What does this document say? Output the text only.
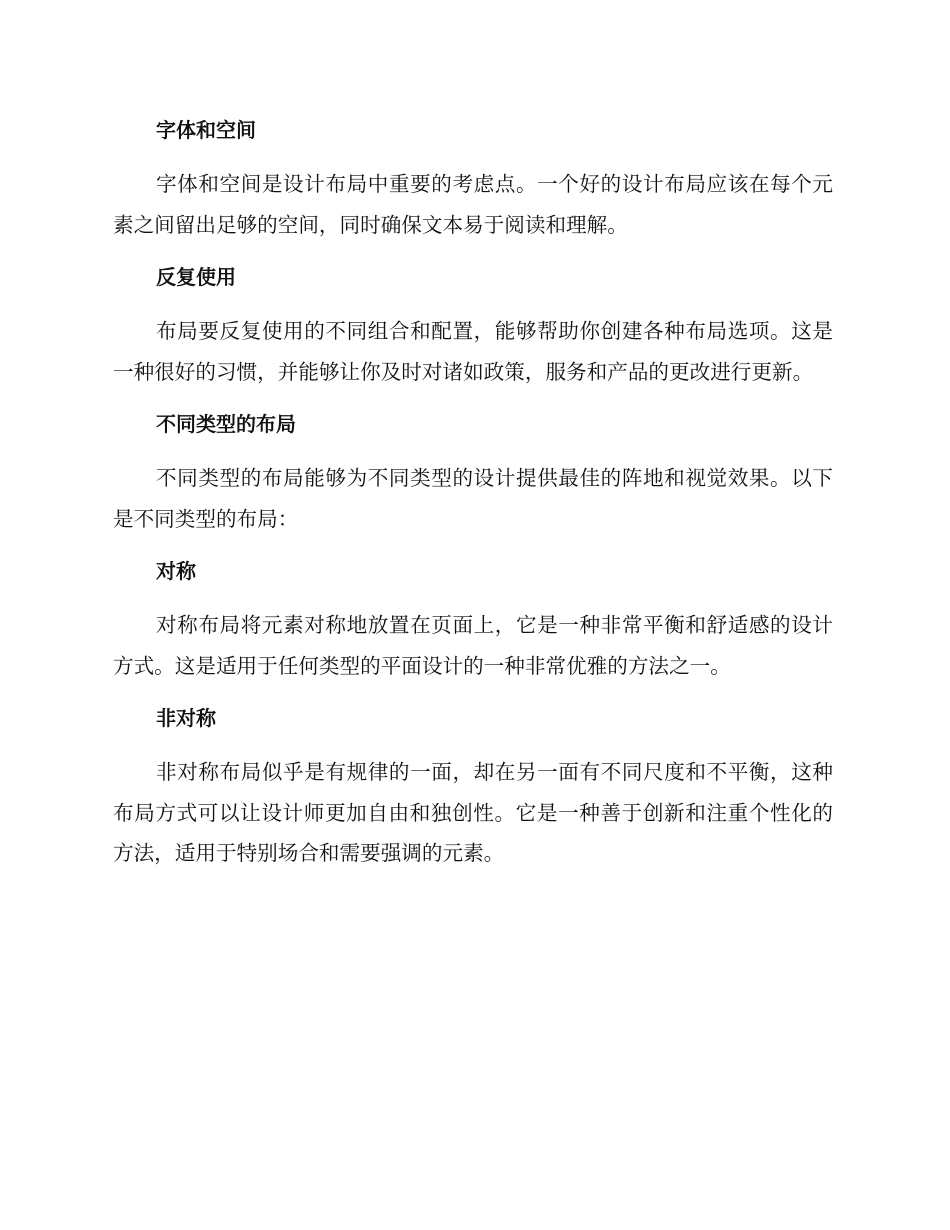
字体和空间

字体和空间是设计布局中重要的考虑点。一个好的设计布局应该在每个元素之间留出足够的空间，同时确保文本易于阅读和理解。

反复使用

布局要反复使用的不同组合和配置，能够帮助你创建各种布局选项。这是一种很好的习惯，并能够让你及时对诸如政策，服务和产品的更改进行更新。

不同类型的布局

不同类型的布局能够为不同类型的设计提供最佳的阵地和视觉效果。以下是不同类型的布局：

对称

对称布局将元素对称地放置在页面上，它是一种非常平衡和舒适感的设计方式。这是适用于任何类型的平面设计的一种非常优雅的方法之一。

非对称

非对称布局似乎是有规律的一面，却在另一面有不同尺度和不平衡，这种布局方式可以让设计师更加自由和独创性。它是一种善于创新和注重个性化的方法，适用于特别场合和需要强调的元素。
